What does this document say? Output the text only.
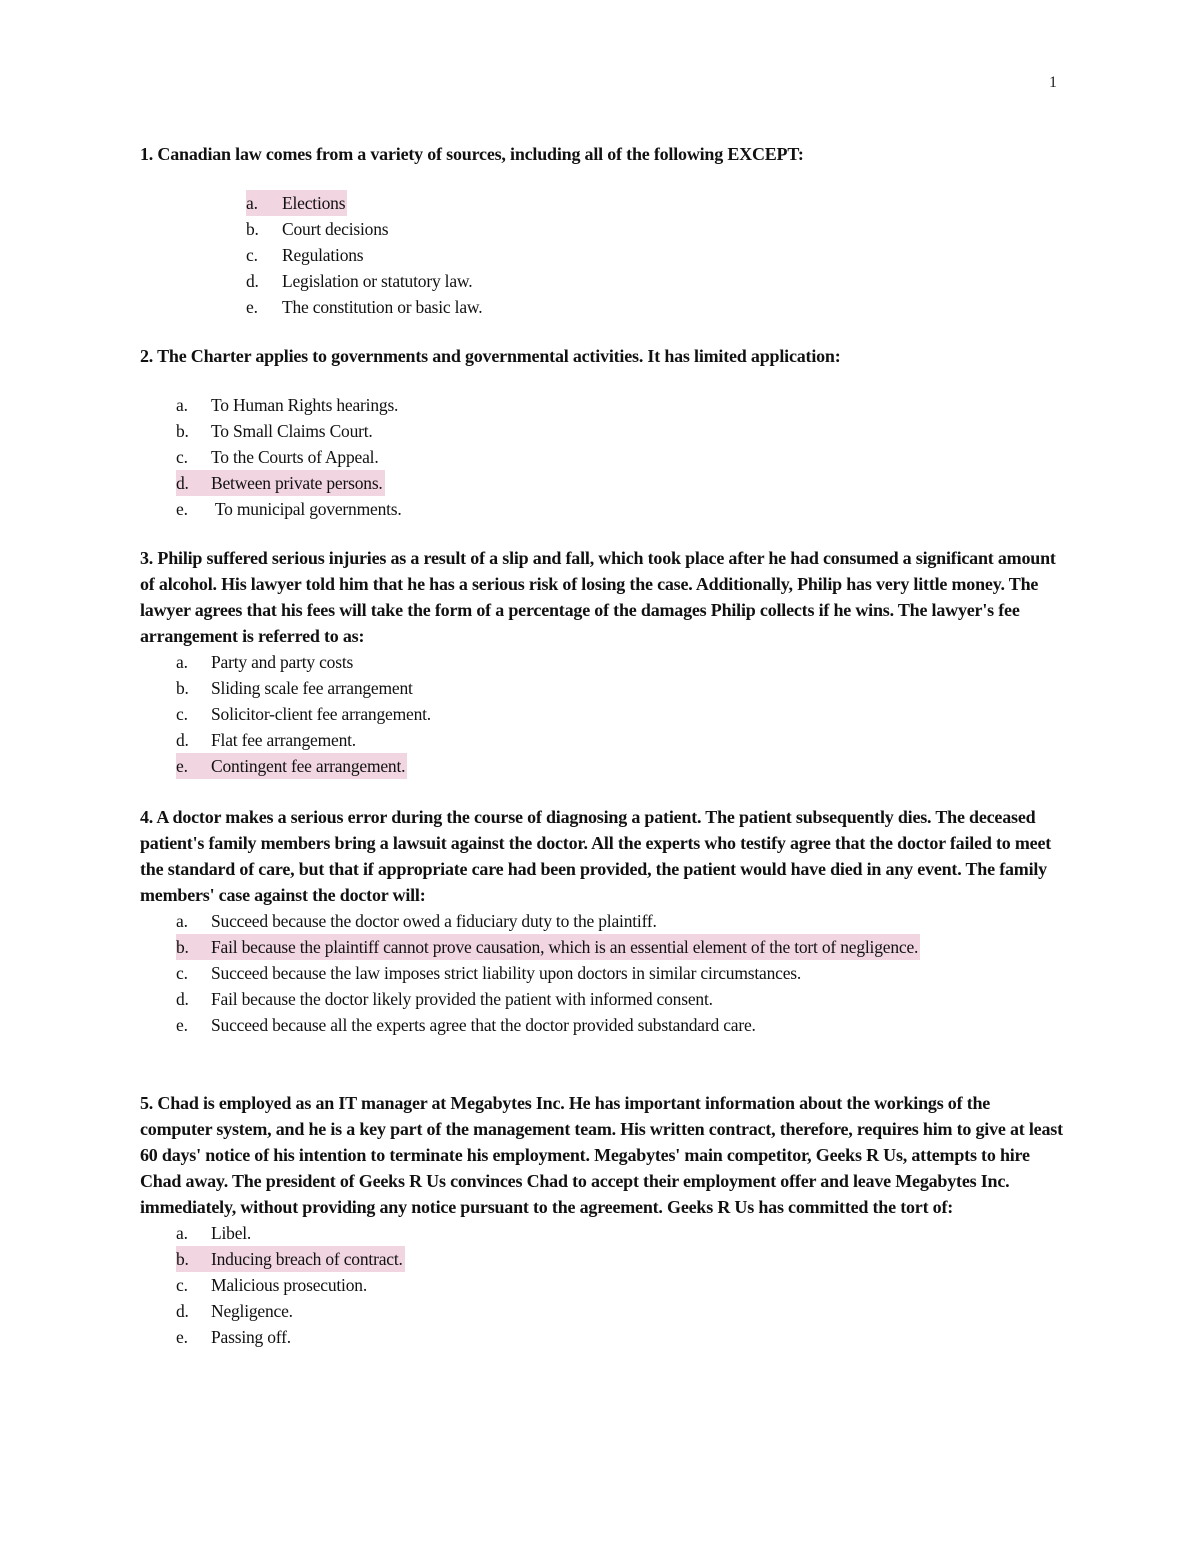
1

1. Canadian law comes from a variety of sources, including all of the following EXCEPT:

a. Elections
b. Court decisions
c. Regulations
d. Legislation or statutory law.
e. The constitution or basic law.

2. The Charter applies to governments and governmental activities. It has limited application:

a. To Human Rights hearings.
b. To Small Claims Court.
c. To the Courts of Appeal.
d. Between private persons.
e. To municipal governments.

3. Philip suffered serious injuries as a result of a slip and fall, which took place after he had consumed a significant amount of alcohol. His lawyer told him that he has a serious risk of losing the case. Additionally, Philip has very little money. The lawyer agrees that his fees will take the form of a percentage of the damages Philip collects if he wins. The lawyer's fee arrangement is referred to as:

a. Party and party costs
b. Sliding scale fee arrangement
c. Solicitor-client fee arrangement.
d. Flat fee arrangement.
e. Contingent fee arrangement.

4. A doctor makes a serious error during the course of diagnosing a patient. The patient subsequently dies. The deceased patient's family members bring a lawsuit against the doctor. All the experts who testify agree that the doctor failed to meet the standard of care, but that if appropriate care had been provided, the patient would have died in any event. The family members' case against the doctor will:

a. Succeed because the doctor owed a fiduciary duty to the plaintiff.
b. Fail because the plaintiff cannot prove causation, which is an essential element of the tort of negligence.
c. Succeed because the law imposes strict liability upon doctors in similar circumstances.
d. Fail because the doctor likely provided the patient with informed consent.
e. Succeed because all the experts agree that the doctor provided substandard care.

5. Chad is employed as an IT manager at Megabytes Inc. He has important information about the workings of the computer system, and he is a key part of the management team. His written contract, therefore, requires him to give at least 60 days' notice of his intention to terminate his employment. Megabytes' main competitor, Geeks R Us, attempts to hire Chad away. The president of Geeks R Us convinces Chad to accept their employment offer and leave Megabytes Inc. immediately, without providing any notice pursuant to the agreement. Geeks R Us has committed the tort of:

a. Libel.
b. Inducing breach of contract.
c. Malicious prosecution.
d. Negligence.
e. Passing off.
